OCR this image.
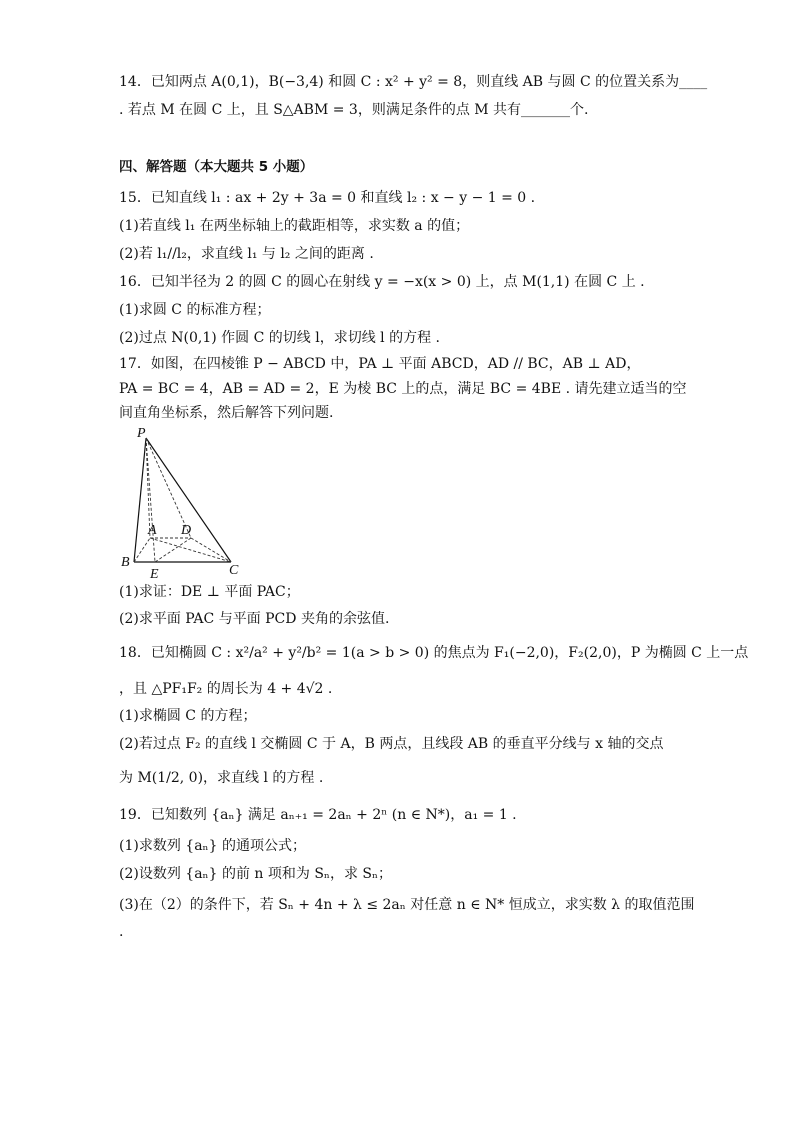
14．已知两点 A(0,1)，B(−3,4) 和圆 C : x² + y² = 8，则直线 AB 与圆 C 的位置关系为____
. 若点 M 在圆 C 上，且 S△ABM = 3，则满足条件的点 M 共有_______个.
四、解答题（本大题共 5 小题）
15．已知直线 l₁ : ax + 2y + 3a = 0 和直线 l₂ : x − y − 1 = 0 .
(1)若直线 l₁ 在两坐标轴上的截距相等，求实数 a 的值；
(2)若 l₁//l₂，求直线 l₁ 与 l₂ 之间的距离 .
16．已知半径为 2 的圆 C 的圆心在射线 y = −x(x > 0) 上，点 M(1,1) 在圆 C 上 .
(1)求圆 C 的标准方程；
(2)过点 N(0,1) 作圆 C 的切线 l，求切线 l 的方程 .
17．如图，在四棱锥 P − ABCD 中，PA ⊥ 平面 ABCD，AD // BC，AB ⊥ AD，
PA = BC = 4，AB = AD = 2，E 为棱 BC 上的点，满足 BC = 4BE . 请先建立适当的空
间直角坐标系，然后解答下列问题.
P
A D
B
E	C
(1)求证：DE ⊥ 平面 PAC；
(2)求平面 PAC 与平面 PCD 夹角的余弦值.
18．已知椭圆 C : x²/a² + y²/b² = 1(a > b > 0) 的焦点为 F₁(−2,0)，F₂(2,0)，P 为椭圆 C 上一点
，且 △PF₁F₂ 的周长为 4 + 4√2 .
(1)求椭圆 C 的方程；
(2)若过点 F₂ 的直线 l 交椭圆 C 于 A，B 两点，且线段 AB 的垂直平分线与 x 轴的交点
为 M(1/2, 0)，求直线 l 的方程 .
19．已知数列 {aₙ} 满足 aₙ₊₁ = 2aₙ + 2ⁿ (n ∈ N*)，a₁ = 1 .
(1)求数列 {aₙ} 的通项公式；
(2)设数列 {aₙ} 的前 n 项和为 Sₙ，求 Sₙ；
(3)在（2）的条件下，若 Sₙ + 4n + λ ≤ 2aₙ 对任意 n ∈ N* 恒成立，求实数 λ 的取值范围
.
